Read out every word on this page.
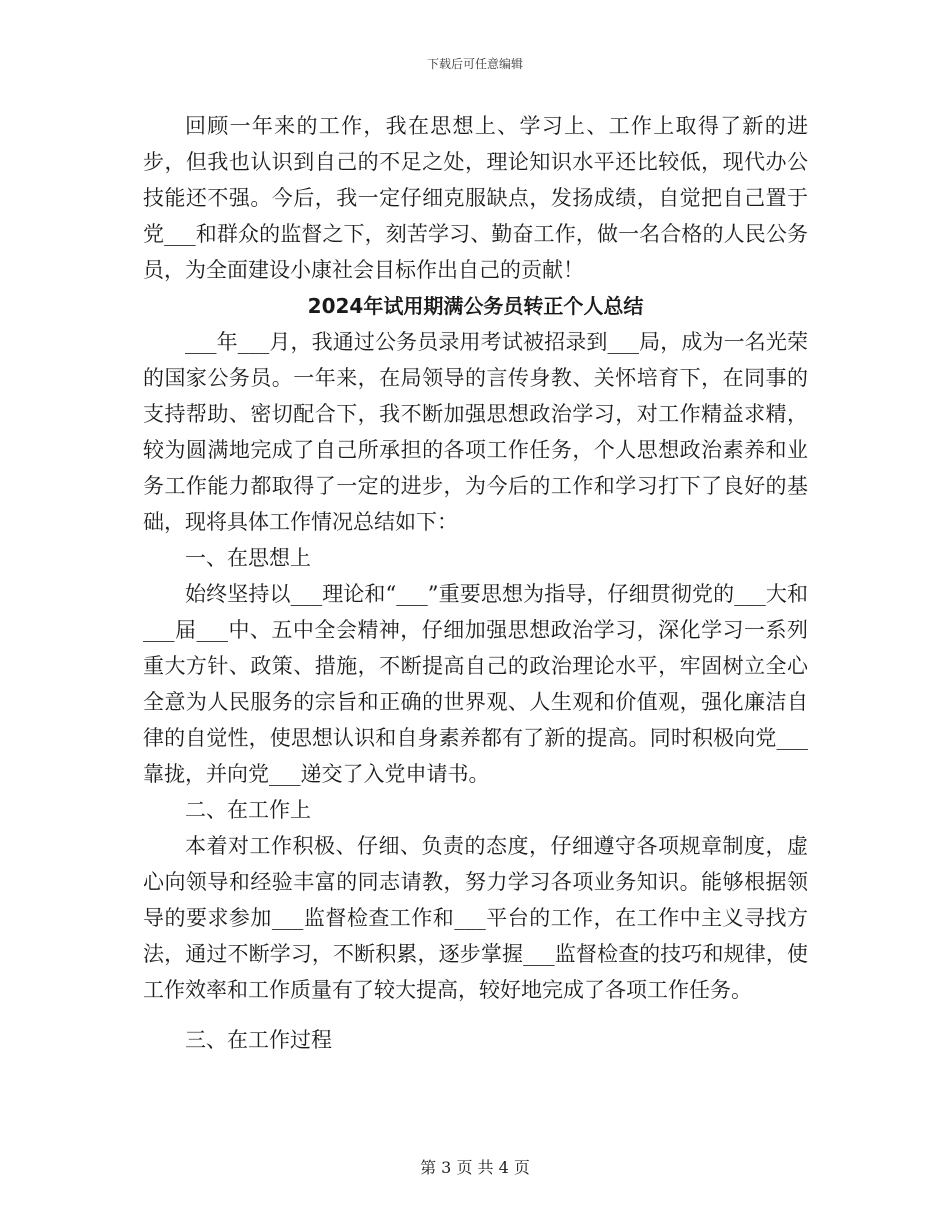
下载后可任意编辑

回顾一年来的工作，我在思想上、学习上、工作上取得了新的进步，但我也认识到自己的不足之处，理论知识水平还比较低，现代办公技能还不强。今后，我一定仔细克服缺点，发扬成绩，自觉把自己置于党___和群众的监督之下，刻苦学习、勤奋工作，做一名合格的人民公务员，为全面建设小康社会目标作出自己的贡献！

2024年试用期满公务员转正个人总结

___年___月，我通过公务员录用考试被招录到___局，成为一名光荣的国家公务员。一年来，在局领导的言传身教、关怀培育下，在同事的支持帮助、密切配合下，我不断加强思想政治学习，对工作精益求精，较为圆满地完成了自己所承担的各项工作任务，个人思想政治素养和业务工作能力都取得了一定的进步，为今后的工作和学习打下了良好的基础，现将具体工作情况总结如下：

一、在思想上

始终坚持以___理论和“___”重要思想为指导，仔细贯彻党的___大和___届___中、五中全会精神，仔细加强思想政治学习，深化学习一系列重大方针、政策、措施，不断提高自己的政治理论水平，牢固树立全心全意为人民服务的宗旨和正确的世界观、人生观和价值观，强化廉洁自律的自觉性，使思想认识和自身素养都有了新的提高。同时积极向党___靠拢，并向党___递交了入党申请书。

二、在工作上

本着对工作积极、仔细、负责的态度，仔细遵守各项规章制度，虚心向领导和经验丰富的同志请教，努力学习各项业务知识。能够根据领导的要求参加___监督检查工作和___平台的工作，在工作中主义寻找方法，通过不断学习，不断积累，逐步掌握___监督检查的技巧和规律，使工作效率和工作质量有了较大提高，较好地完成了各项工作任务。

三、在工作过程

第 3 页 共 4 页
